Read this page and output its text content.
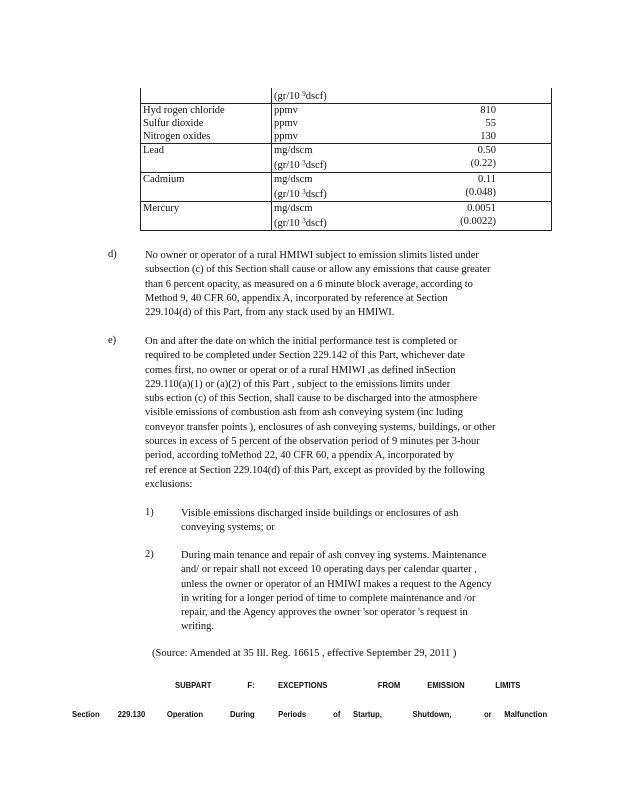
	(gr/10 $^9$dscf)	
Hyd rogen chloride	ppmv	810
Sulfur dioxide	ppmv	55
Nitrogen oxides	ppmv	130
Lead	mg/dscm	0.50
	(gr/10 $^3$dscf)	(0.22)
Cadmium	mg/dscm	0.11
	(gr/10 $^3$dscf)	(0.048)
Mercury	mg/dscm	0.0051
	(gr/10 $^3$dscf)	(0.0022)
d)	No owner or operator of a rural HMIWI subject to emission slimits listed under
subsection (c) of this Section shall cause or allow any emissions that cause greater
than 6 percent opacity, as measured on a 6 minute block average, according to
Method 9, 40 CFR 60, appendix A, incorporated by reference at Section
229.104(d) of this Part, from any stack used by an HMIWI.
e)	On and after the date on which the initial performance test is completed or
required to be completed under Section 229.142 of this Part, whichever date
comes first, no owner or operat or of a rural HMIWI ,as defined inSection
229.110(a)(1) or (a)(2) of this Part , subject to the emissions limits under
subs ection (c) of this Section, shall cause to be discharged into the atmosphere
visible emissions of combustion ash from ash conveying system (inc luding
conveyor transfer points ), enclosures of ash conveying systems, buildings, or other
sources in excess of 5 percent of the observation period of 9 minutes per 3-hour
period, according toMethod 22, 40 CFR 60, a ppendix A, incorporated by
ref erence at Section 229.104(d) of this Part, except as provided by the following
exclusions:
1)	Visible emissions discharged inside buildings or enclosures of ash
conveying systems; or
2)	During main tenance and repair of ash convey ing systems. Maintenance
and/ or repair shall not exceed 10 operating days per calendar quarter ,
unless the owner or operator of an HMIWI makes a request to the Agency
in writing for a longer period of time to complete maintenance and /or
repair, and the Agency approves the owner 'sor operator 's request in
writing.
(Source: Amended at 35 Ill. Reg. 16615 , effective September 29, 2011 )
SUBPART	F:	EXCEPTIONS	FROM	EMISSION	LIMITS
Section 229.130	Operation	During	Periods	of Startup,	Shutdown,	or Malfunction
